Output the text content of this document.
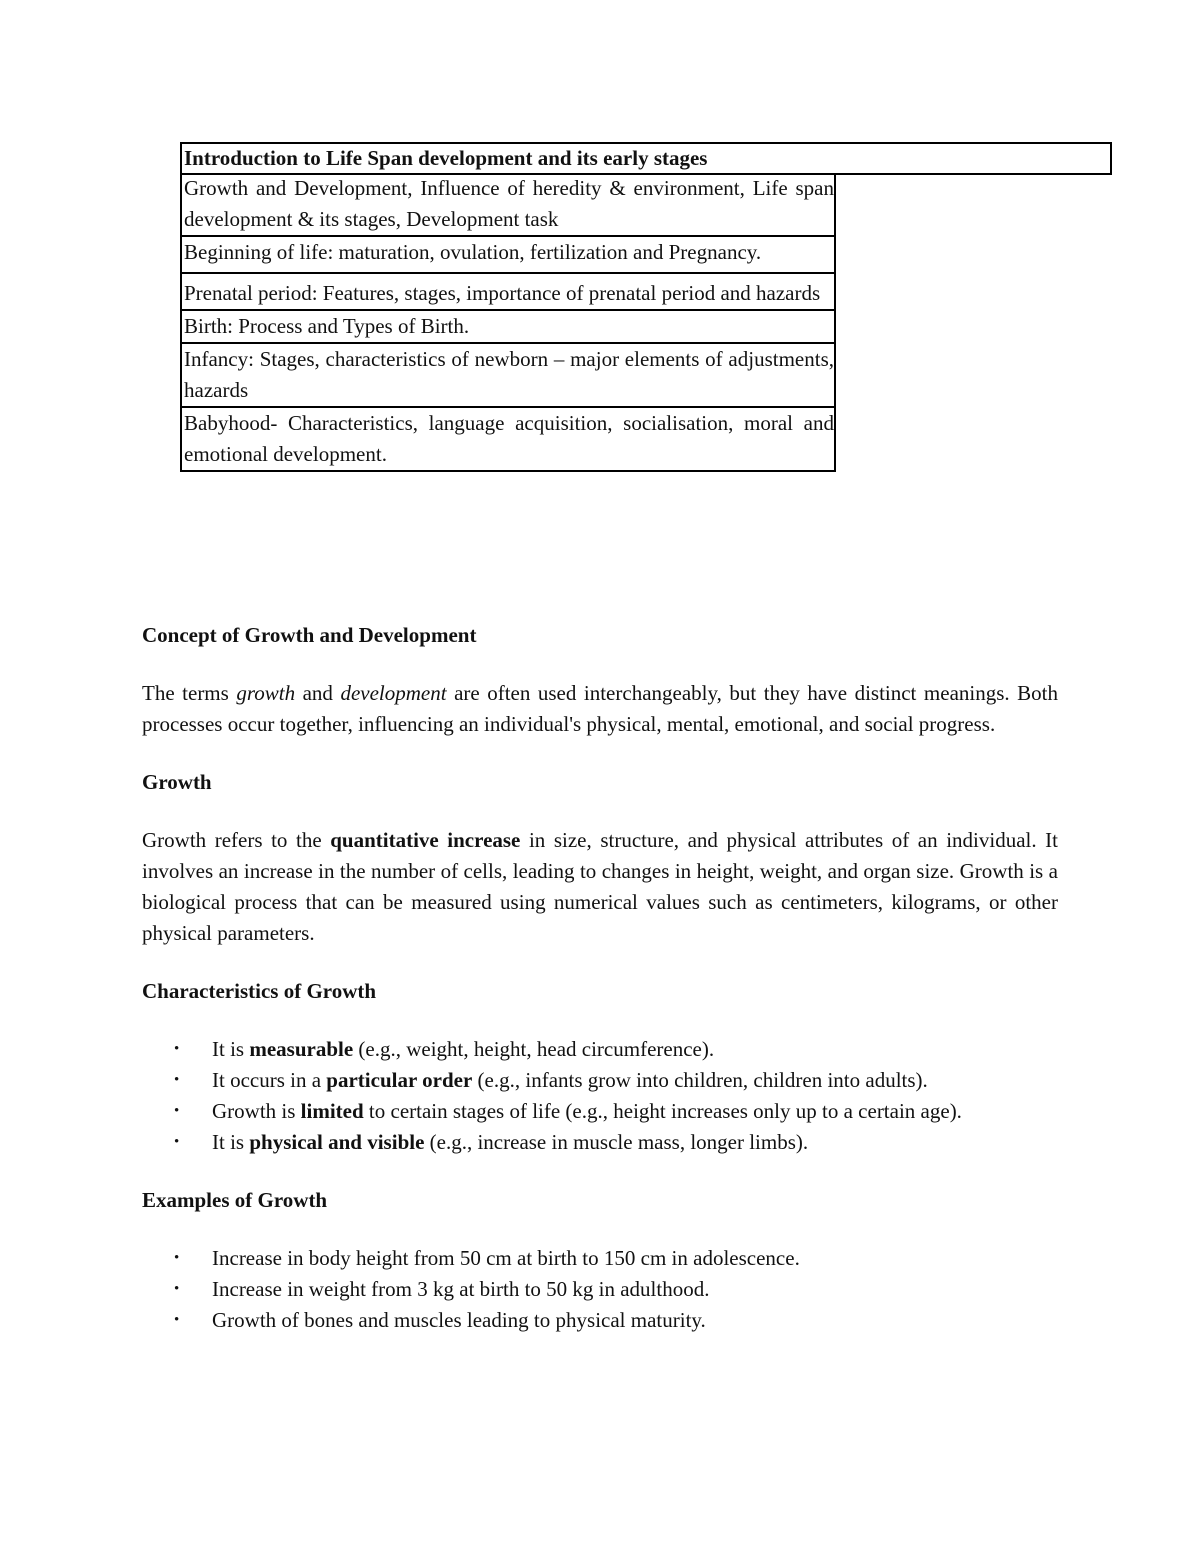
Introduction to Life Span development and its early stages
Growth and Development, Influence of heredity & environment, Life span development & its stages, Development task
Beginning of life: maturation, ovulation, fertilization and Pregnancy.
Prenatal period: Features, stages, importance of prenatal period and hazards
Birth: Process and Types of Birth.
Infancy: Stages, characteristics of newborn – major elements of adjustments, hazards
Babyhood- Characteristics, language acquisition, socialisation, moral and emotional development.
Concept of Growth and Development

The terms growth and development are often used interchangeably, but they have distinct meanings. Both processes occur together, influencing an individual's physical, mental, emotional, and social progress.

Growth

Growth refers to the quantitative increase in size, structure, and physical attributes of an individual. It involves an increase in the number of cells, leading to changes in height, weight, and organ size. Growth is a biological process that can be measured using numerical values such as centimeters, kilograms, or other physical parameters.

Characteristics of Growth
• It is measurable (e.g., weight, height, head circumference).
• It occurs in a particular order (e.g., infants grow into children, children into adults).
• Growth is limited to certain stages of life (e.g., height increases only up to a certain age).
• It is physical and visible (e.g., increase in muscle mass, longer limbs).
Examples of Growth
• Increase in body height from 50 cm at birth to 150 cm in adolescence.
• Increase in weight from 3 kg at birth to 50 kg in adulthood.
• Growth of bones and muscles leading to physical maturity.
